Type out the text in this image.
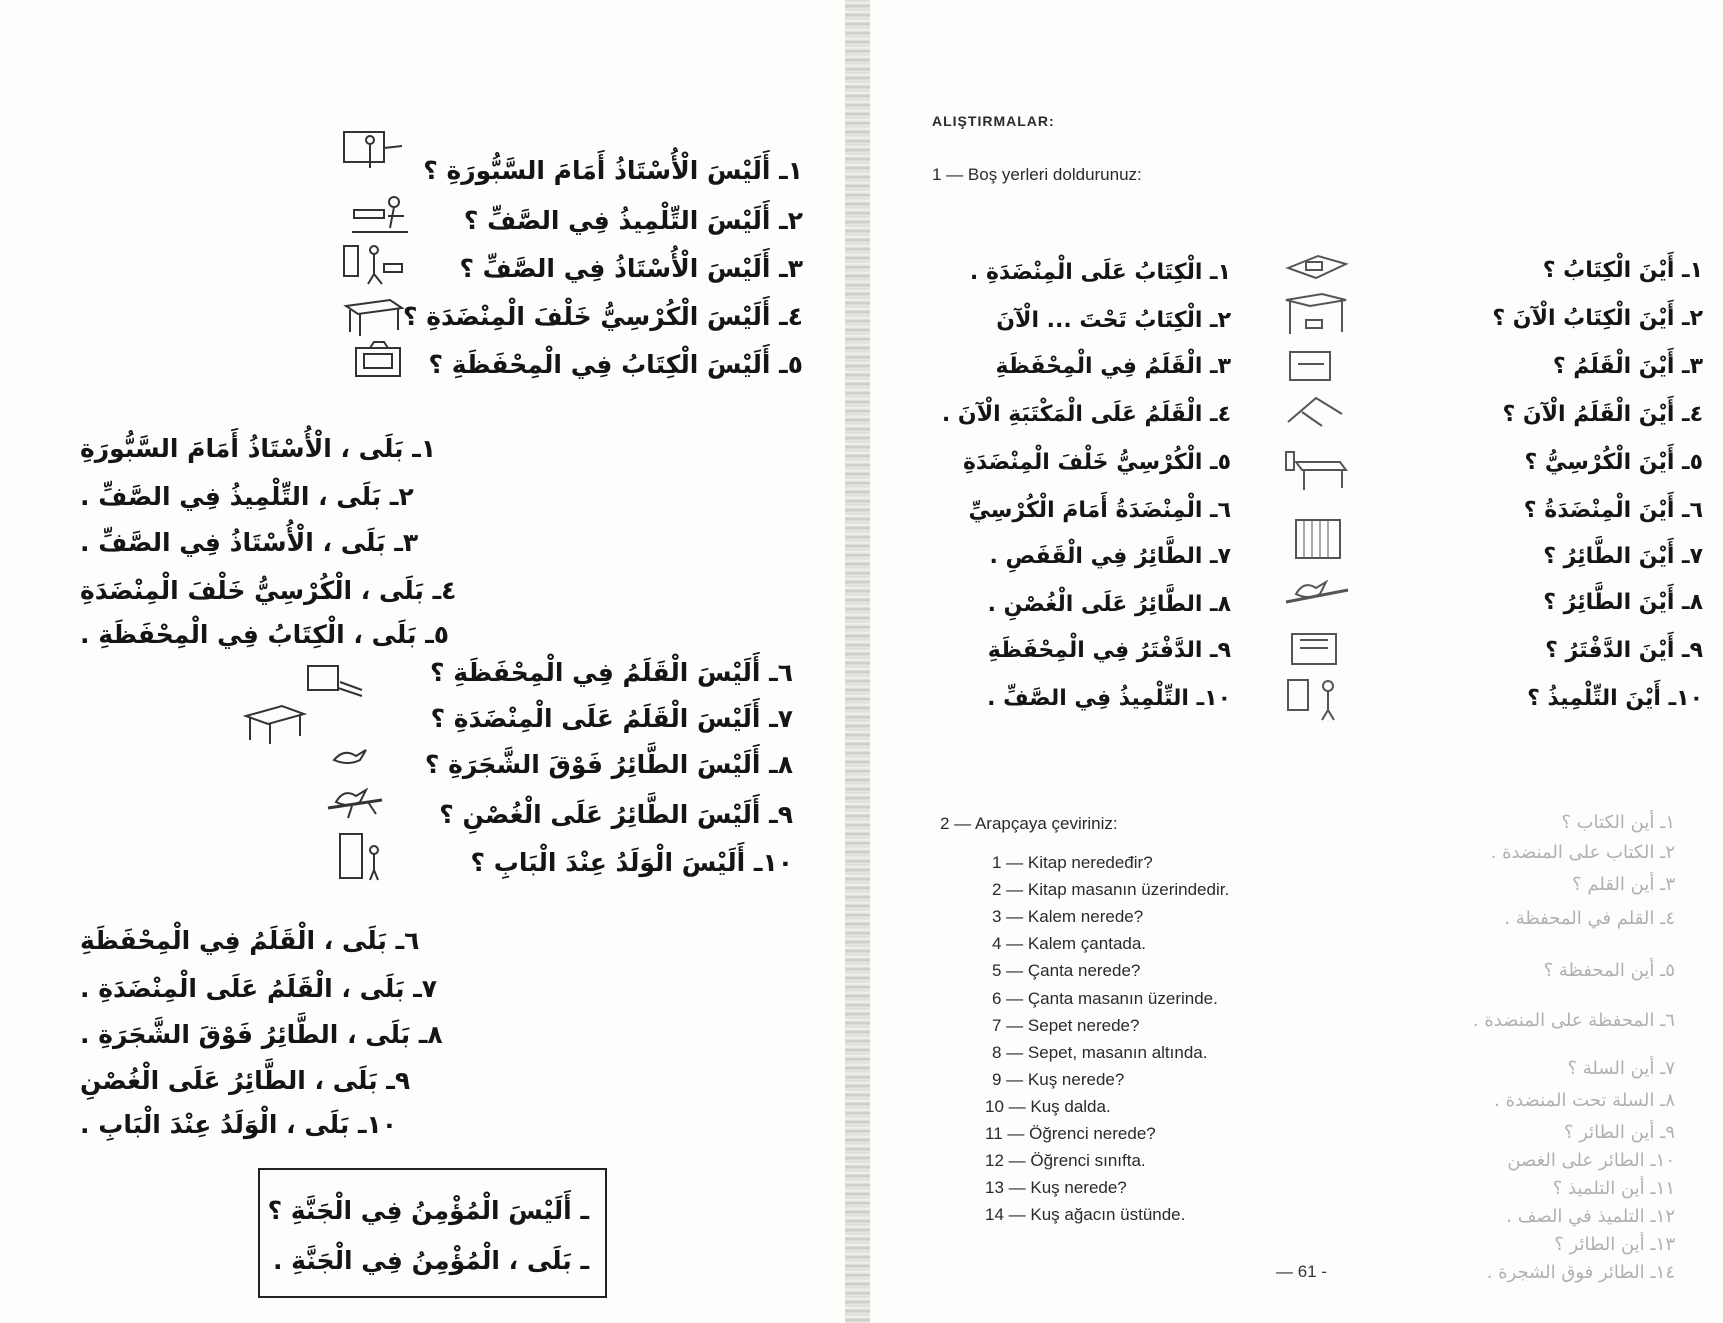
١ـ أَلَيْسَ الْأُسْتَاذُ أَمَامَ السَّبُّورَةِ ؟
٢ـ أَلَيْسَ التِّلْمِيذُ فِي الصَّفِّ ؟
٣ـ أَلَيْسَ الْأُسْتَاذُ فِي الصَّفِّ ؟
٤ـ أَلَيْسَ الْكُرْسِيُّ خَلْفَ الْمِنْضَدَةِ ؟
٥ـ أَلَيْسَ الْكِتَابُ فِي الْمِحْفَظَةِ ؟
١ـ بَلَى ، الْأُسْتَاذُ أَمَامَ السَّبُّورَةِ
٢ـ بَلَى ، التِّلْمِيذُ فِي الصَّفِّ .
٣ـ بَلَى ، الْأُسْتَاذُ فِي الصَّفِّ .
٤ـ بَلَى ، الْكُرْسِيُّ خَلْفَ الْمِنْضَدَةِ
٥ـ بَلَى ، الْكِتَابُ فِي الْمِحْفَظَةِ .
٦ـ أَلَيْسَ الْقَلَمُ فِي الْمِحْفَظَةِ ؟
٧ـ أَلَيْسَ الْقَلَمُ عَلَى الْمِنْضَدَةِ ؟
٨ـ أَلَيْسَ الطَّائِرُ فَوْقَ الشَّجَرَةِ ؟
٩ـ أَلَيْسَ الطَّائِرُ عَلَى الْغُصْنِ ؟
١٠ـ أَلَيْسَ الْوَلَدُ عِنْدَ الْبَابِ ؟
٦ـ بَلَى ، الْقَلَمُ فِي الْمِحْفَظَةِ
٧ـ بَلَى ، الْقَلَمُ عَلَى الْمِنْضَدَةِ .
٨ـ بَلَى ، الطَّائِرُ فَوْقَ الشَّجَرَةِ .
٩ـ بَلَى ، الطَّائِرُ عَلَى الْغُصْنِ
١٠ـ بَلَى ، الْوَلَدُ عِنْدَ الْبَابِ .
ـ أَلَيْسَ الْمُؤْمِنُ فِي الْجَنَّةِ ؟
ـ بَلَى ، الْمُؤْمِنُ فِي الْجَنَّةِ .
ALIŞTIRMALAR:
1 — Boş yerleri doldurunuz:
١ـ أَيْنَ الْكِتَابُ ؟
٢ـ أَيْنَ الْكِتَابُ الْآنَ ؟
٣ـ أَيْنَ الْقَلَمُ ؟
٤ـ أَيْنَ الْقَلَمُ الْآنَ ؟
٥ـ أَيْنَ الْكُرْسِيُّ ؟
٦ـ أَيْنَ الْمِنْضَدَةُ ؟
٧ـ أَيْنَ الطَّائِرُ ؟
٨ـ أَيْنَ الطَّائِرُ ؟
٩ـ أَيْنَ الدَّفْتَرُ ؟
١٠ـ أَيْنَ التِّلْمِيذُ ؟
١ـ الْكِتَابُ عَلَى الْمِنْضَدَةِ .
٢ـ الْكِتَابُ تَحْتَ ... الْآنَ
٣ـ الْقَلَمُ فِي الْمِحْفَظَةِ
٤ـ الْقَلَمُ عَلَى الْمَكْتَبَةِ الْآنَ .
٥ـ الْكُرْسِيُّ خَلْفَ الْمِنْضَدَةِ
٦ـ الْمِنْضَدَةُ أَمَامَ الْكُرْسِيِّ
٧ـ الطَّائِرُ فِي الْقَفَصِ .
٨ـ الطَّائِرُ عَلَى الْغُصْنِ .
٩ـ الدَّفْتَرُ فِي الْمِحْفَظَةِ
١٠ـ التِّلْمِيذُ فِي الصَّفِّ .
2 — Arapçaya çeviriniz:
1 — Kitap neredeđir?
2 — Kitap masanın üzerindedir.
3 — Kalem nerede?
4 — Kalem çantada.
5 — Çanta nerede?
6 — Çanta masanın üzerinde.
7 — Sepet nerede?
8 — Sepet, masanın altında.
9 — Kuş nerede?
10 — Kuş dalda.
11 — Öğrenci nerede?
12 — Öğrenci sınıfta.
13 — Kuş nerede?
14 — Kuş ağacın üstünde.
١ـ أين الكتاب ؟
٢ـ الكتاب على المنضدة .
٣ـ أين القلم ؟
٤ـ القلم في المحفظة .
٥ـ أين المحفظة ؟
٦ـ المحفظة على المنضدة .
٧ـ أين السلة ؟
٨ـ السلة تحت المنضدة .
٩ـ أين الطائر ؟
١٠ـ الطائر على الغصن
١١ـ أين التلميذ ؟
١٢ـ التلميذ في الصف .
١٣ـ أين الطائر ؟
١٤ـ الطائر فوق الشجرة .
— 61 -
